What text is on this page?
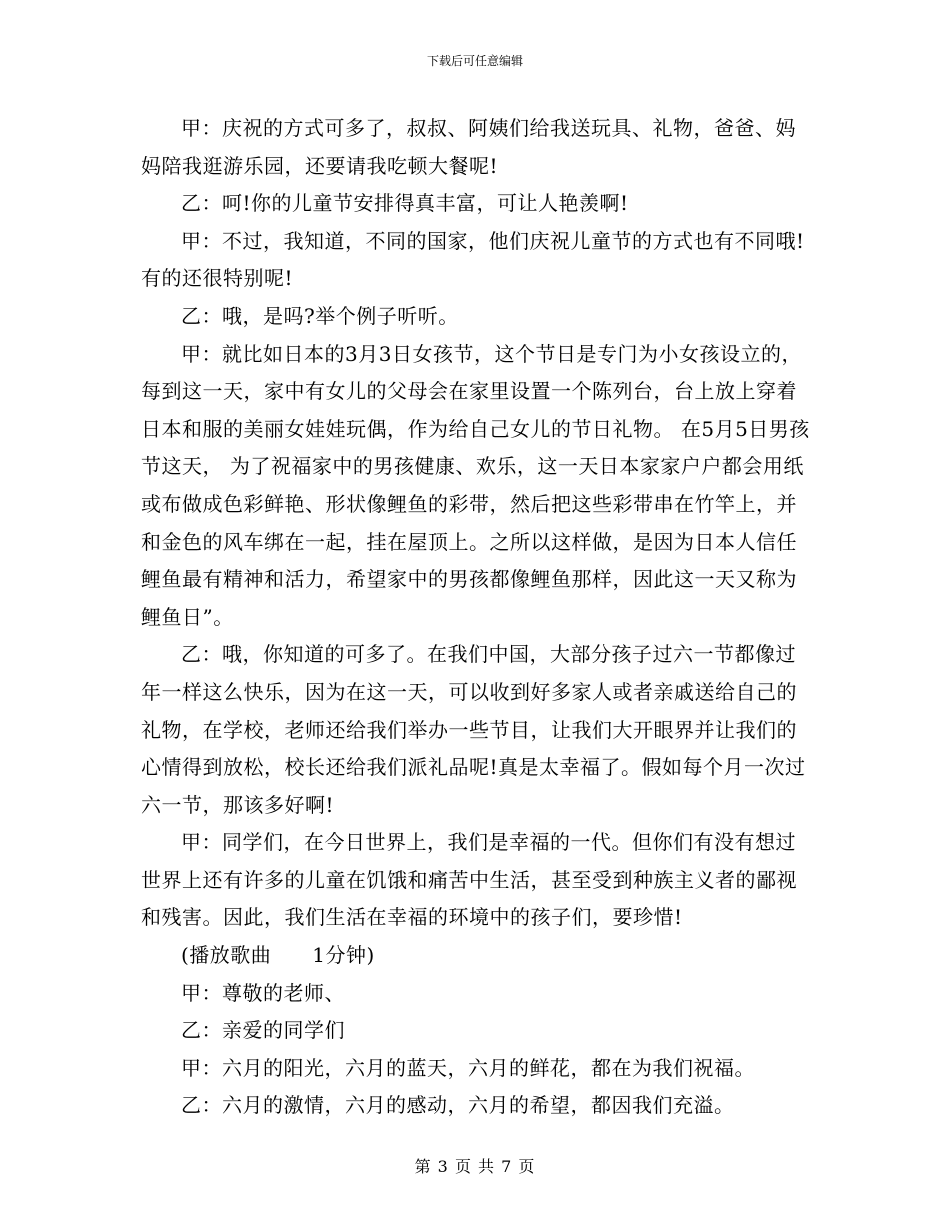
下载后可任意编辑

甲：庆祝的方式可多了，叔叔、阿姨们给我送玩具、礼物，爸爸、妈妈陪我逛游乐园，还要请我吃顿大餐呢!

乙：呵!你的儿童节安排得真丰富，可让人艳羡啊!

甲：不过，我知道，不同的国家，他们庆祝儿童节的方式也有不同哦!有的还很特别呢!

乙：哦，是吗?举个例子听听。

甲：就比如日本的3月3日女孩节，这个节日是专门为小女孩设立的，每到这一天，家中有女儿的父母会在家里设置一个陈列台，台上放上穿着日本和服的美丽女娃娃玩偶，作为给自己女儿的节日礼物。 在5月5日男孩节这天， 为了祝福家中的男孩健康、欢乐，这一天日本家家户户都会用纸或布做成色彩鲜艳、形状像鲤鱼的彩带，然后把这些彩带串在竹竿上，并和金色的风车绑在一起，挂在屋顶上。之所以这样做，是因为日本人信任鲤鱼最有精神和活力，希望家中的男孩都像鲤鱼那样，因此这一天又称为鲤鱼日”。

乙：哦，你知道的可多了。在我们中国，大部分孩子过六一节都像过年一样这么快乐，因为在这一天，可以收到好多家人或者亲戚送给自己的礼物，在学校，老师还给我们举办一些节目，让我们大开眼界并让我们的心情得到放松，校长还给我们派礼品呢!真是太幸福了。假如每个月一次过六一节，那该多好啊!

甲：同学们，在今日世界上，我们是幸福的一代。但你们有没有想过世界上还有许多的儿童在饥饿和痛苦中生活，甚至受到种族主义者的鄙视和残害。因此，我们生活在幸福的环境中的孩子们，要珍惜!

(播放歌曲　　1分钟)

甲：尊敬的老师、

乙：亲爱的同学们

甲：六月的阳光，六月的蓝天，六月的鲜花，都在为我们祝福。

乙：六月的激情，六月的感动，六月的希望，都因我们充溢。

第 3 页 共 7 页
